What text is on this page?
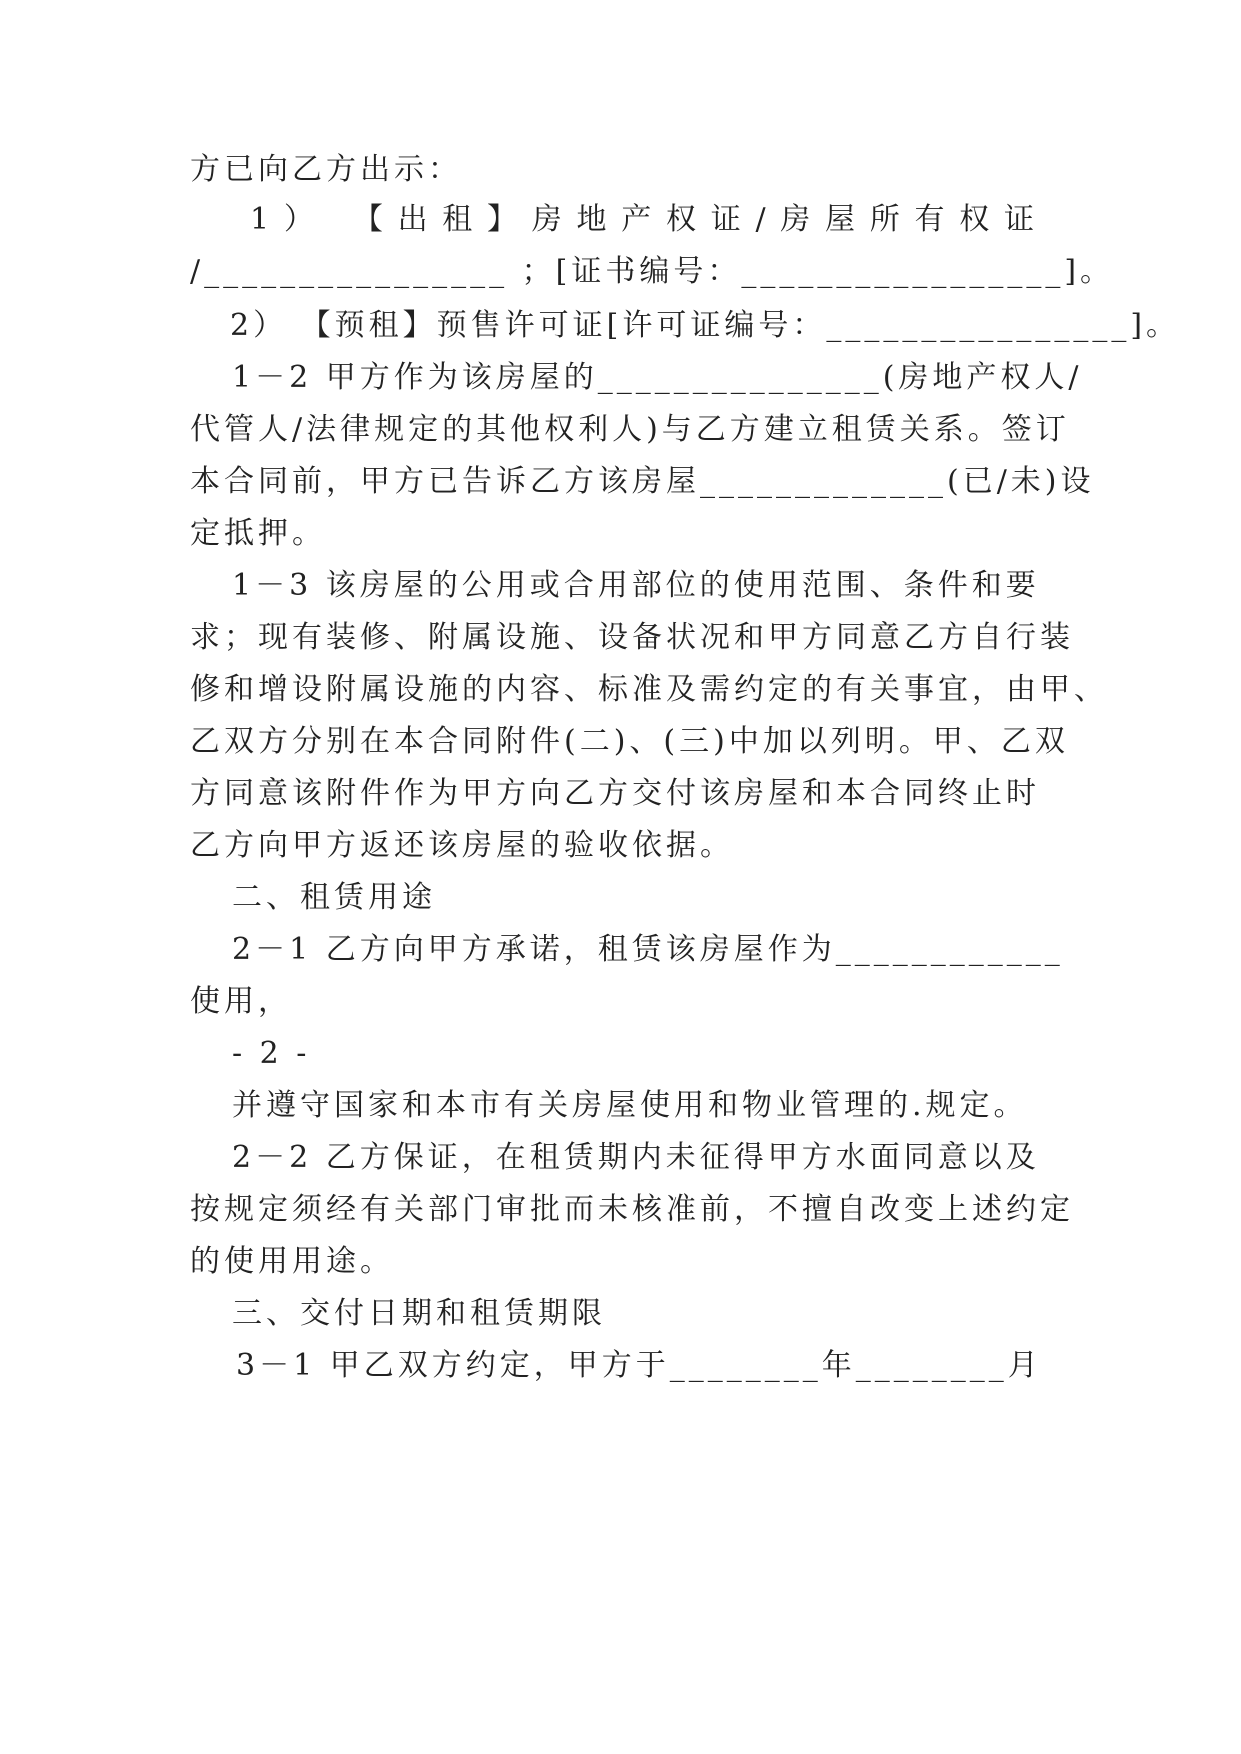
方已向乙方出示：
1） 【出租】房地产权证/房屋所有权证
/________________ ；[证书编号：_________________]。
2） 【预租】预售许可证[许可证编号：________________]。
1－2 甲方作为该房屋的_______________(房地产权人/
代管人/法律规定的其他权利人)与乙方建立租赁关系。签订
本合同前，甲方已告诉乙方该房屋_____________(已/未)设
定抵押。
1－3 该房屋的公用或合用部位的使用范围、条件和要
求；现有装修、附属设施、设备状况和甲方同意乙方自行装
修和增设附属设施的内容、标准及需约定的有关事宜，由甲、
乙双方分别在本合同附件(二)、(三)中加以列明。甲、乙双
方同意该附件作为甲方向乙方交付该房屋和本合同终止时
乙方向甲方返还该房屋的验收依据。
二、租赁用途
2－1 乙方向甲方承诺，租赁该房屋作为____________
使用，
- 2 -
并遵守国家和本市有关房屋使用和物业管理的.规定。
2－2 乙方保证，在租赁期内未征得甲方水面同意以及
按规定须经有关部门审批而未核准前，不擅自改变上述约定
的使用用途。
三、交付日期和租赁期限
3－1 甲乙双方约定，甲方于________年________月
